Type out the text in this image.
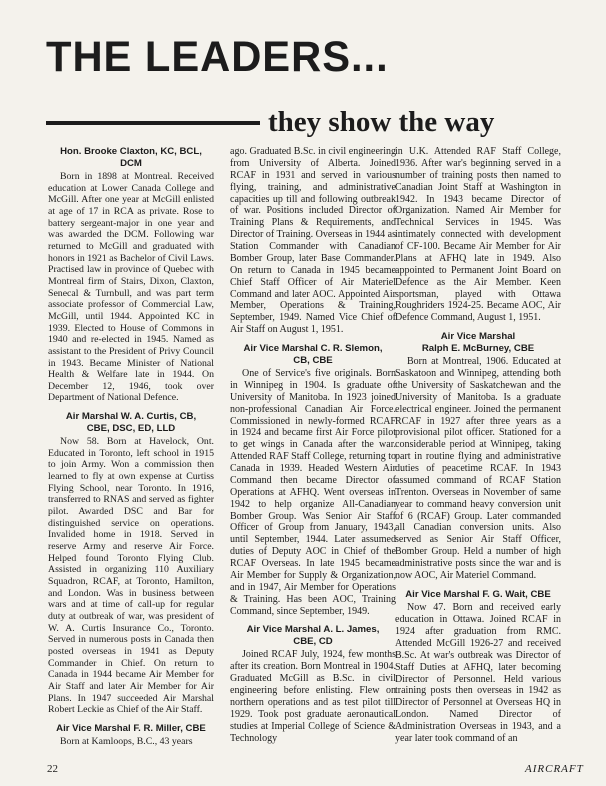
THE LEADERS...
they show the way
Hon. Brooke Claxton, KC, BCL, DCM

Born in 1898 at Montreal. Received education at Lower Canada College and McGill. After one year at McGill enlisted at age of 17 in RCA as private. Rose to battery sergeant-major in one year and was awarded the DCM. Following war returned to McGill and graduated with honors in 1921 as Bachelor of Civil Laws. Practised law in province of Quebec with Montreal firm of Stairs, Dixon, Claxton, Senecal & Turnbull, and was part term associate professor of Commercial Law, McGill, until 1944. Appointed KC in 1939. Elected to House of Commons in 1940 and re-elected in 1945. Named as assistant to the President of Privy Council in 1943. Became Minister of National Health & Welfare late in 1944. On December 12, 1946, took over Department of National Defence.

Air Marshal W. A. Curtis, CB,
CBE, DSC, ED, LLD

Now 58. Born at Havelock, Ont. Educated in Toronto, left school in 1915 to join Army. Won a commission then learned to fly at own expense at Curtiss Flying School, near Toronto. In 1916, transferred to RNAS and served as fighter pilot. Awarded DSC and Bar for distinguished service on operations. Invalided home in 1918. Served in reserve Army and reserve Air Force. Helped found Toronto Flying Club. Assisted in organizing 110 Auxiliary Squadron, RCAF, at Toronto, Hamilton, and London. Was in business between wars and at time of call-up for regular duty at outbreak of war, was president of W. A. Curtis Insurance Co., Toronto. Served in numerous posts in Canada then posted overseas in 1941 as Deputy Commander in Chief. On return to Canada in 1944 became Air Member for Air Staff and later Air Member for Air Plans. In 1947 succeeded Air Marshal Robert Leckie as Chief of the Air Staff.

Air Vice Marshal F. R. Miller, CBE

Born at Kamloops, B.C., 43 years

ago. Graduated B.Sc. in civil engineering from University of Alberta. Joined RCAF in 1931 and served in various flying, training, and administrative capacities up till and following outbreak of war. Positions included Director of Training Plans & Requirements, and Director of Training. Overseas in 1944 as Station Commander with Canadian Bomber Group, later Base Commander. On return to Canada in 1945 became Chief Staff Officer of Air Materiel Command and later AOC. Appointed Air Member, Operations & Training, September, 1949. Named Vice Chief of Air Staff on August 1, 1951.

Air Vice Marshal C. R. Slemon,
CB, CBE

One of Service's five originals. Born in Winnipeg in 1904. Is graduate of University of Manitoba. In 1923 joined non-professional Canadian Air Force. Commissioned in newly-formed RCAF in 1924 and became first Air Force pilot to get wings in Canada after the war. Attended RAF Staff College, returning to Canada in 1939. Headed Western Air Command then became Director of Operations at AFHQ. Went overseas in 1942 to help organize All-Canadian Bomber Group. Was Senior Air Staff Officer of Group from January, 1943, until September, 1944. Later assumed duties of Deputy AOC in Chief of the RCAF Overseas. In late 1945 became Air Member for Supply & Organization, and in 1947, Air Member for Operations & Training. Has been AOC, Training Command, since September, 1949.

Air Vice Marshal A. L. James,
CBE, CD

Joined RCAF July, 1924, few months after its creation. Born Montreal in 1904. Graduated McGill as B.Sc. in civil engineering before enlisting. Flew on northern operations and as test pilot till 1929. Took post graduate aeronautical studies at Imperial College of Science & Technology

in U.K. Attended RAF Staff College, 1936. After war's beginning served in a number of training posts then named to Canadian Joint Staff at Washington in 1942. In 1943 became Director of Organization. Named Air Member for Technical Services in 1945. Was intimately connected with development of CF-100. Became Air Member for Air Plans at AFHQ late in 1949. Also appointed to Permanent Joint Board on Defence as the Air Member. Keen sportsman, played with Ottawa Roughriders 1924-25. Became AOC, Air Defence Command, August 1, 1951.

Air Vice Marshal
Ralph E. McBurney, CBE

Born at Montreal, 1906. Educated at Saskatoon and Winnipeg, attending both the University of Saskatchewan and the University of Manitoba. Is a graduate electrical engineer. Joined the permanent RCAF in 1927 after three years as a provisional pilot officer. Stationed for a considerable period at Winnipeg, taking part in routine flying and administrative duties of peacetime RCAF. In 1943 assumed command of RCAF Station Trenton. Overseas in November of same year to command heavy conversion unit of 6 (RCAF) Group. Later commanded all Canadian conversion units. Also served as Senior Air Staff Officer, Bomber Group. Held a number of high administrative posts since the war and is now AOC, Air Materiel Command.

Air Vice Marshal F. G. Wait, CBE

Now 47. Born and received early education in Ottawa. Joined RCAF in 1924 after graduation from RMC. Attended McGill 1926-27 and received B.Sc. At war's outbreak was Director of Staff Duties at AFHQ, later becoming Director of Personnel. Held various training posts then overseas in 1942 as Director of Personnel at Overseas HQ in London. Named Director of Administration Overseas in 1943, and a year later took command of an

22	AIRCRAFT
